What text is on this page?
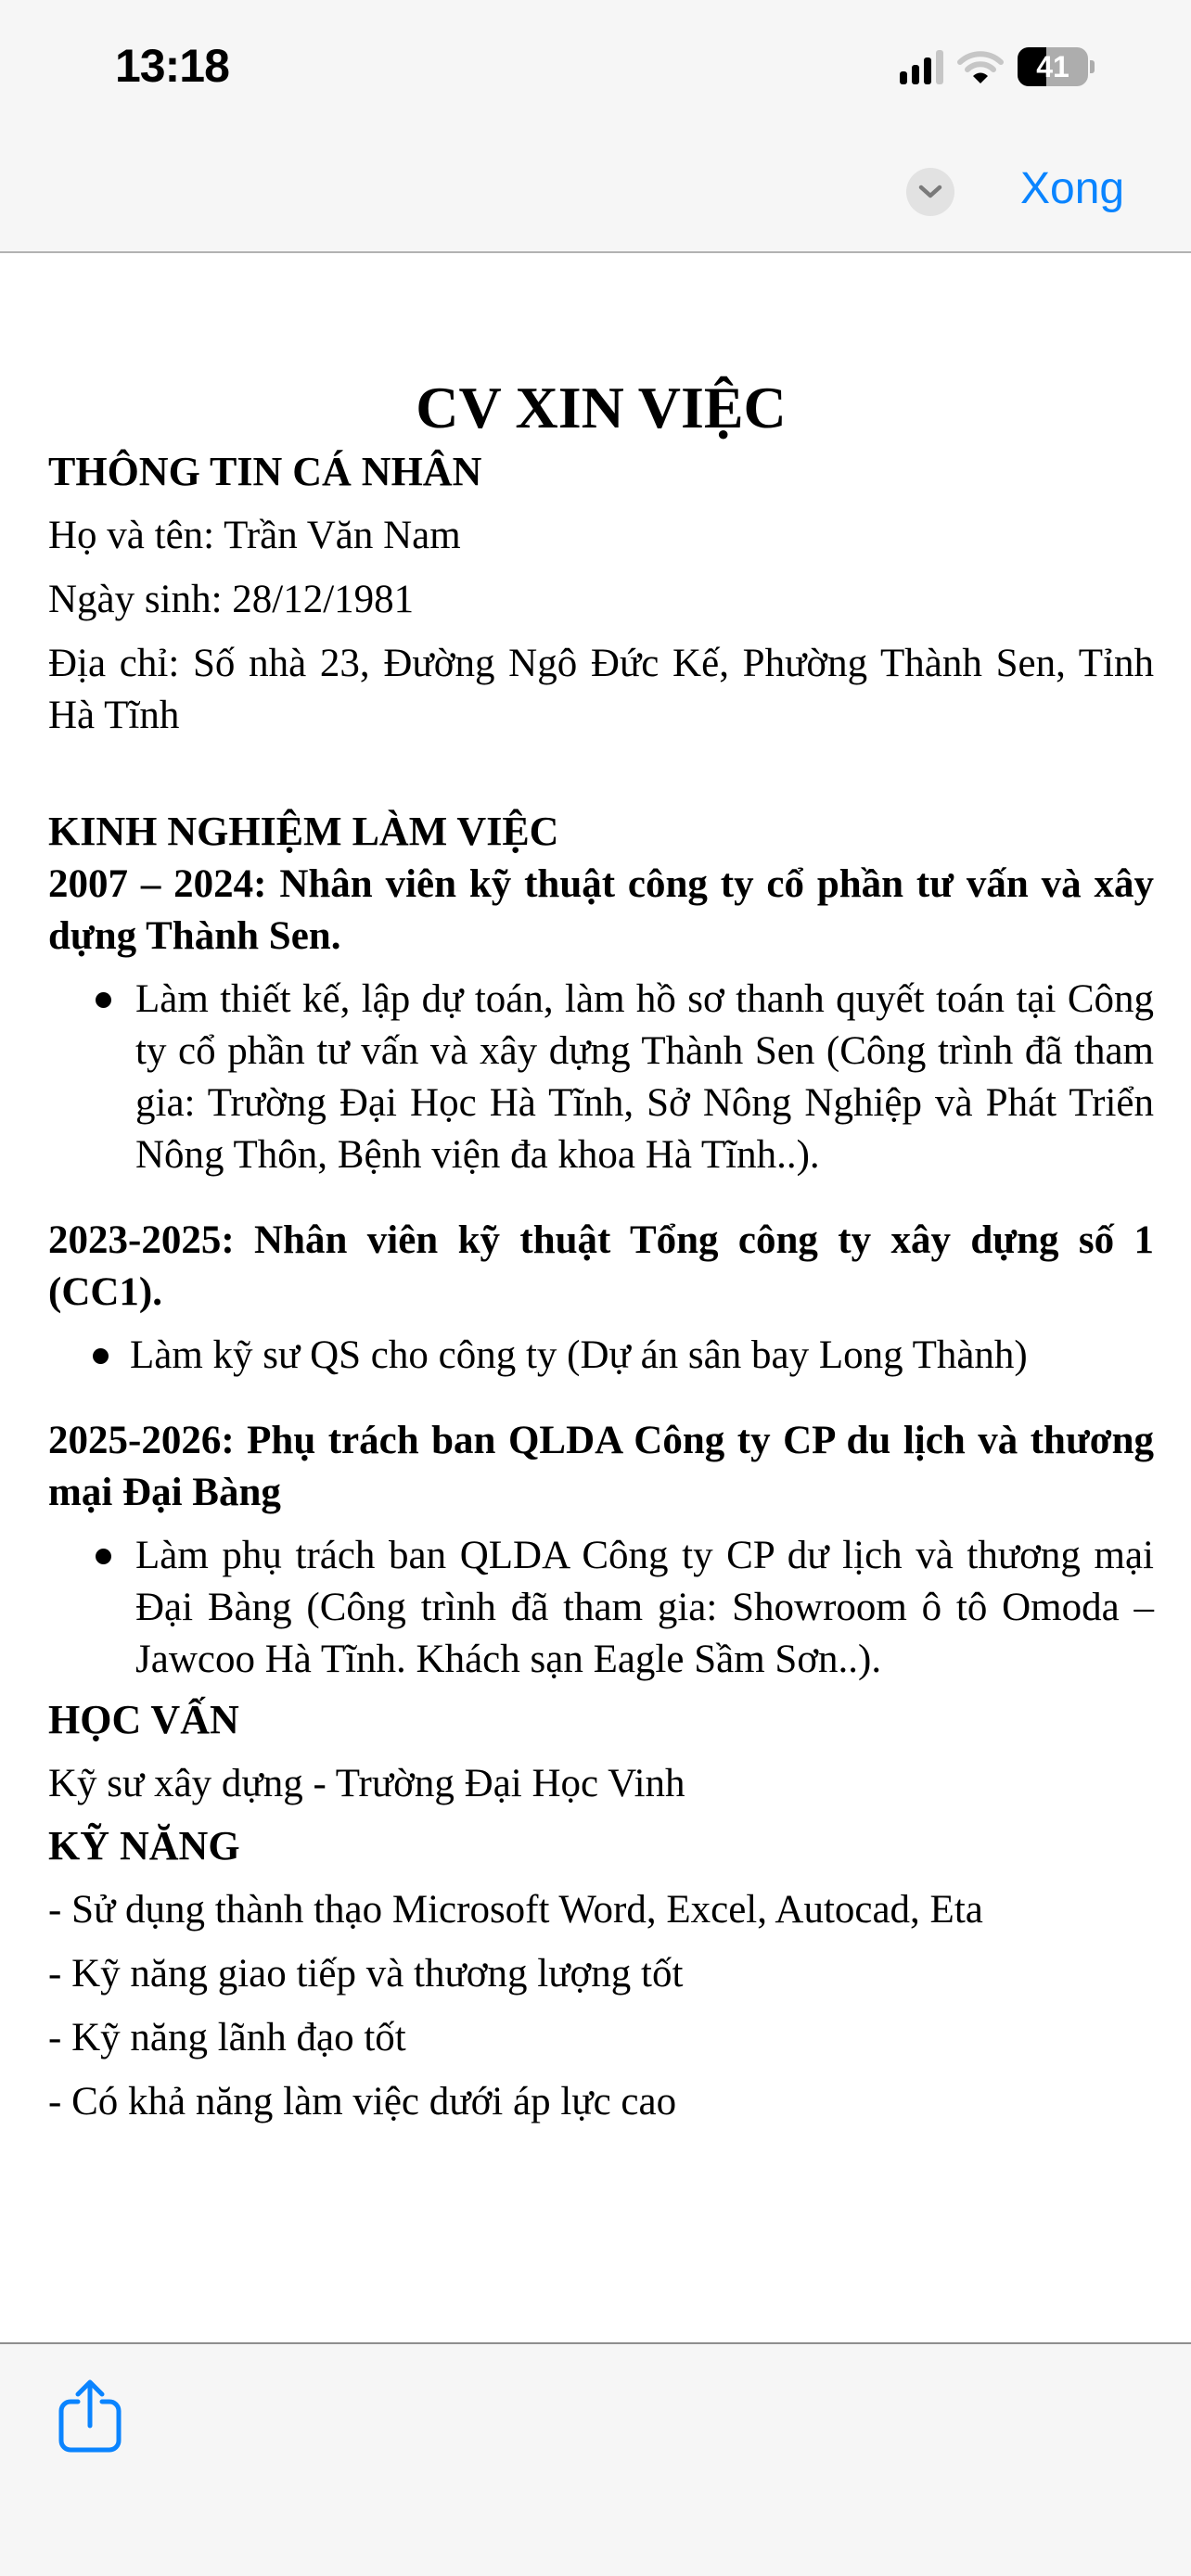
13:18	41
Xong
CV XIN VIỆC
THÔNG TIN CÁ NHÂN
Họ và tên: Trần Văn Nam
Ngày sinh: 28/12/1981
Địa chỉ: Số nhà 23, Đường Ngô Đức Kế, Phường Thành Sen, Tỉnh Hà Tĩnh
KINH NGHIỆM LÀM VIỆC
2007 – 2024: Nhân viên kỹ thuật công ty cổ phần tư vấn và xây dựng Thành Sen.
Làm thiết kế, lập dự toán, làm hồ sơ thanh quyết toán tại Công ty cổ phần tư vấn và xây dựng Thành Sen (Công trình đã tham gia: Trường Đại Học Hà Tĩnh, Sở Nông Nghiệp và Phát Triển Nông Thôn, Bệnh viện đa khoa Hà Tĩnh..).
2023-2025: Nhân viên kỹ thuật Tổng công ty xây dựng số 1 (CC1).
Làm kỹ sư QS cho công ty (Dự án sân bay Long Thành)
2025-2026: Phụ trách ban QLDA Công ty CP du lịch và thương mại Đại Bàng
Làm phụ trách ban QLDA Công ty CP dư lịch và thương mại Đại Bàng (Công trình đã tham gia: Showroom ô tô Omoda – Jawcoo Hà Tĩnh. Khách sạn Eagle Sầm Sơn..).
HỌC VẤN
Kỹ sư xây dựng - Trường Đại Học Vinh
KỸ NĂNG
- Sử dụng thành thạo Microsoft Word, Excel, Autocad, Eta
- Kỹ năng giao tiếp và thương lượng tốt
- Kỹ năng lãnh đạo tốt
- Có khả năng làm việc dưới áp lực cao
